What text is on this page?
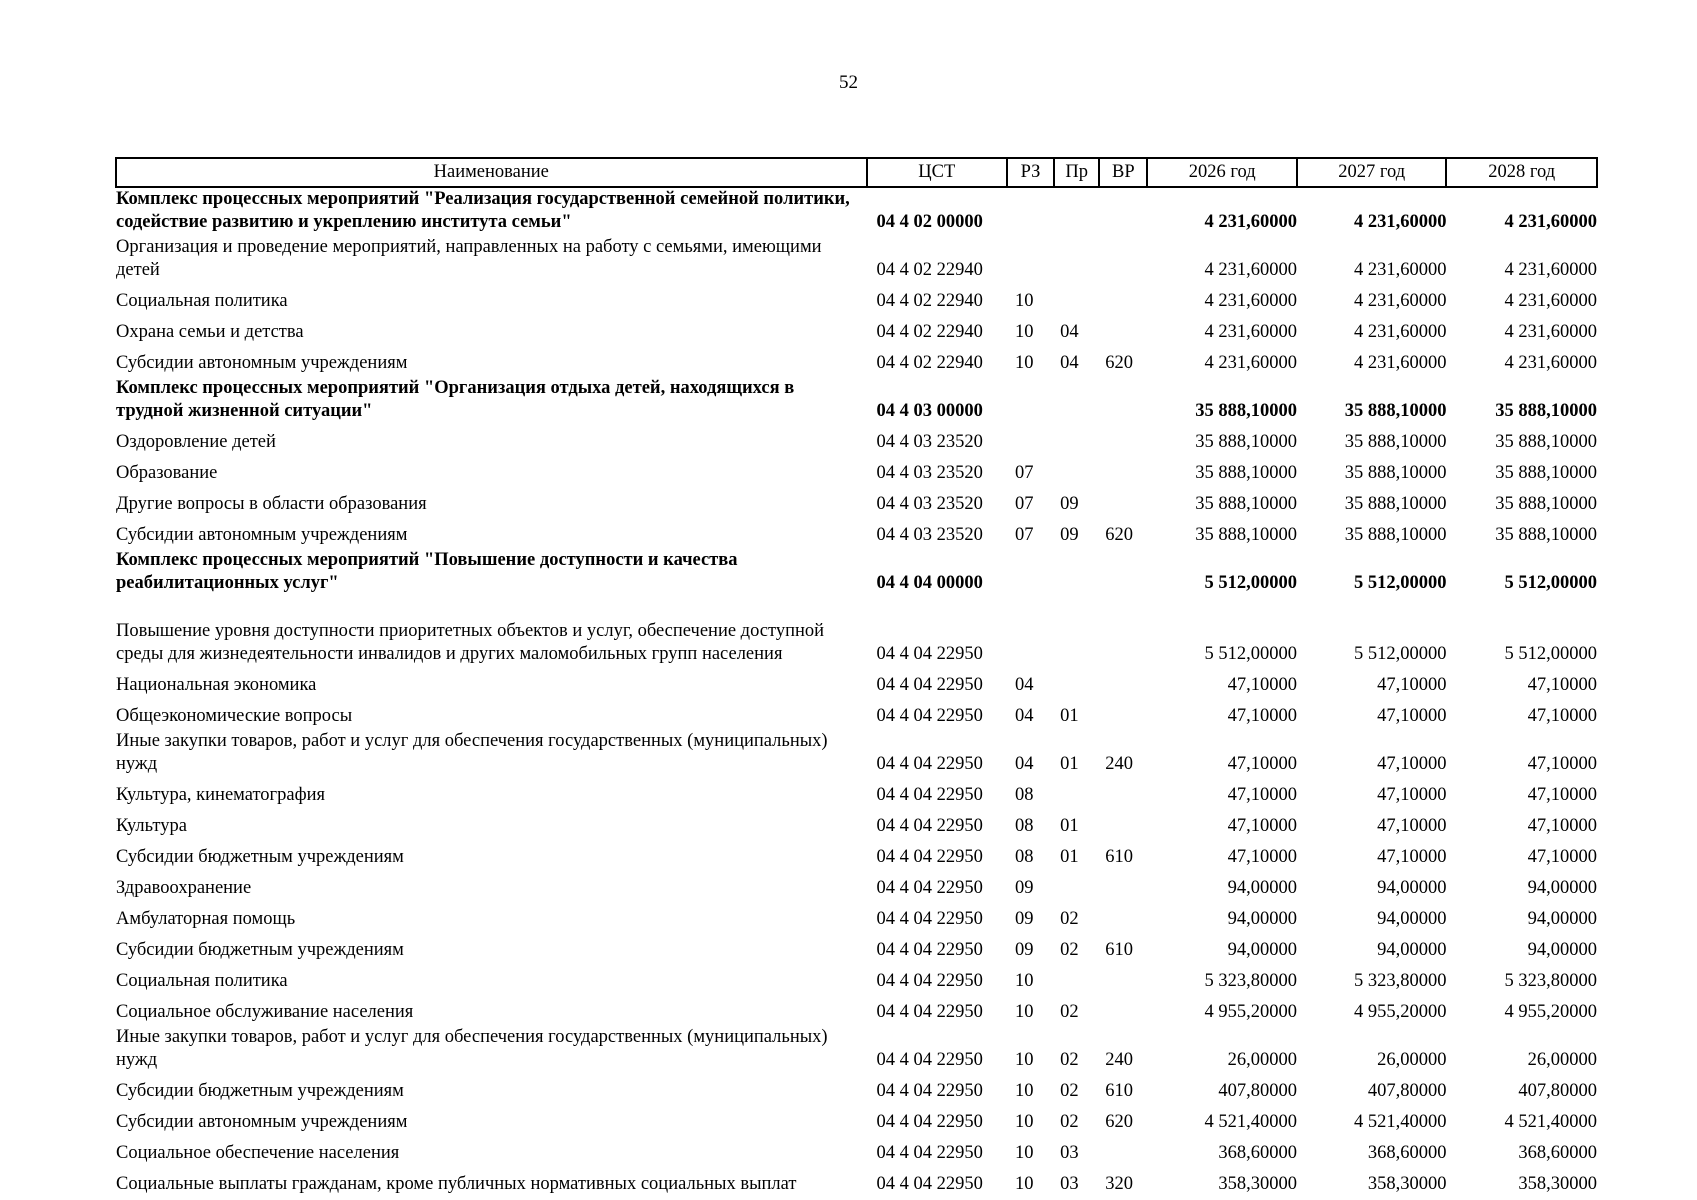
52
Наименование	ЦСТ	РЗ	Пр	ВР	2026 год	2027 год	2028 год
Комплекс процессных мероприятий "Реализация государственной семейной политики, содействие развитию и укреплению института семьи"	04 4 02 00000				4 231,60000	4 231,60000	4 231,60000
Организация и проведение мероприятий, направленных на работу с семьями, имеющими детей	04 4 02 22940				4 231,60000	4 231,60000	4 231,60000
Социальная политика	04 4 02 22940	10			4 231,60000	4 231,60000	4 231,60000
Охрана семьи и детства	04 4 02 22940	10	04		4 231,60000	4 231,60000	4 231,60000
Субсидии автономным учреждениям	04 4 02 22940	10	04	620	4 231,60000	4 231,60000	4 231,60000
Комплекс процессных мероприятий "Организация отдыха детей, находящихся в трудной жизненной ситуации"	04 4 03 00000				35 888,10000	35 888,10000	35 888,10000
Оздоровление детей	04 4 03 23520				35 888,10000	35 888,10000	35 888,10000
Образование	04 4 03 23520	07			35 888,10000	35 888,10000	35 888,10000
Другие вопросы в области образования	04 4 03 23520	07	09		35 888,10000	35 888,10000	35 888,10000
Субсидии автономным учреждениям	04 4 03 23520	07	09	620	35 888,10000	35 888,10000	35 888,10000
Комплекс процессных мероприятий "Повышение доступности и качества реабилитационных услуг"	04 4 04 00000				5 512,00000	5 512,00000	5 512,00000
Повышение уровня доступности приоритетных объектов и услуг, обеспечение доступной среды для жизнедеятельности инвалидов и других маломобильных групп населения	04 4 04 22950				5 512,00000	5 512,00000	5 512,00000
Национальная экономика	04 4 04 22950	04			47,10000	47,10000	47,10000
Общеэкономические вопросы	04 4 04 22950	04	01		47,10000	47,10000	47,10000
Иные закупки товаров, работ и услуг для обеспечения государственных (муниципальных) нужд	04 4 04 22950	04	01	240	47,10000	47,10000	47,10000
Культура, кинематография	04 4 04 22950	08			47,10000	47,10000	47,10000
Культура	04 4 04 22950	08	01		47,10000	47,10000	47,10000
Субсидии бюджетным учреждениям	04 4 04 22950	08	01	610	47,10000	47,10000	47,10000
Здравоохранение	04 4 04 22950	09			94,00000	94,00000	94,00000
Амбулаторная помощь	04 4 04 22950	09	02		94,00000	94,00000	94,00000
Субсидии бюджетным учреждениям	04 4 04 22950	09	02	610	94,00000	94,00000	94,00000
Социальная политика	04 4 04 22950	10			5 323,80000	5 323,80000	5 323,80000
Социальное обслуживание населения	04 4 04 22950	10	02		4 955,20000	4 955,20000	4 955,20000
Иные закупки товаров, работ и услуг для обеспечения государственных (муниципальных) нужд	04 4 04 22950	10	02	240	26,00000	26,00000	26,00000
Субсидии бюджетным учреждениям	04 4 04 22950	10	02	610	407,80000	407,80000	407,80000
Субсидии автономным учреждениям	04 4 04 22950	10	02	620	4 521,40000	4 521,40000	4 521,40000
Социальное обеспечение населения	04 4 04 22950	10	03		368,60000	368,60000	368,60000
Социальные выплаты гражданам, кроме публичных нормативных социальных выплат	04 4 04 22950	10	03	320	358,30000	358,30000	358,30000
